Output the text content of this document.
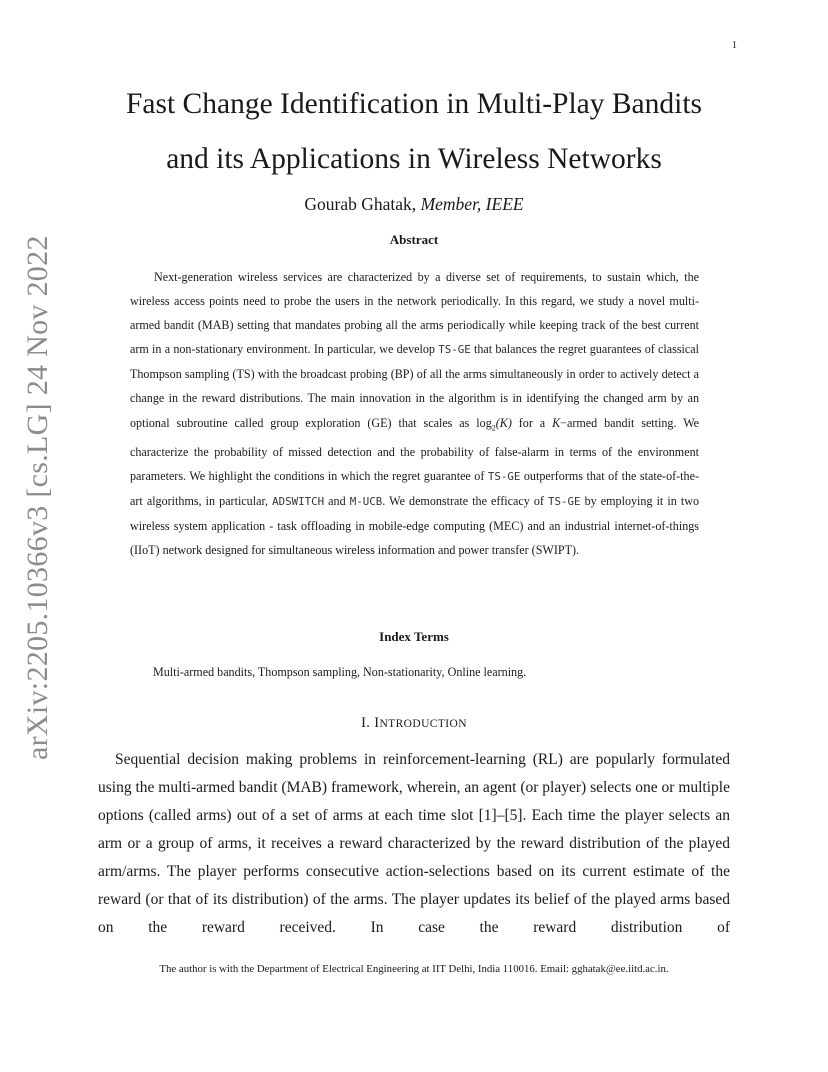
1
arXiv:2205.10366v3 [cs.LG] 24 Nov 2022
Fast Change Identification in Multi-Play Bandits
and its Applications in Wireless Networks
Gourab Ghatak, Member, IEEE
Abstract
Next-generation wireless services are characterized by a diverse set of requirements, to sustain which, the wireless access points need to probe the users in the network periodically. In this regard, we study a novel multi-armed bandit (MAB) setting that mandates probing all the arms periodically while keeping track of the best current arm in a non-stationary environment. In particular, we develop TS-GE that balances the regret guarantees of classical Thompson sampling (TS) with the broadcast probing (BP) of all the arms simultaneously in order to actively detect a change in the reward distributions. The main innovation in the algorithm is in identifying the changed arm by an optional subroutine called group exploration (GE) that scales as $\log_2(K)$ for a K−armed bandit setting. We characterize the probability of missed detection and the probability of false-alarm in terms of the environment parameters. We highlight the conditions in which the regret guarantee of TS-GE outperforms that of the state-of-the-art algorithms, in particular, ADSWITCH and M-UCB. We demonstrate the efficacy of TS-GE by employing it in two wireless system application - task offloading in mobile-edge computing (MEC) and an industrial internet-of-things (IIoT) network designed for simultaneous wireless information and power transfer (SWIPT).
Index Terms
Multi-armed bandits, Thompson sampling, Non-stationarity, Online learning.
I. INTRODUCTION
Sequential decision making problems in reinforcement-learning (RL) are popularly formulated using the multi-armed bandit (MAB) framework, wherein, an agent (or player) selects one or multiple options (called arms) out of a set of arms at each time slot [1]–[5]. Each time the player selects an arm or a group of arms, it receives a reward characterized by the reward distribution of the played arm/arms. The player performs consecutive action-selections based on its current estimate of the reward (or that of its distribution) of the arms. The player updates its belief of the played arms based on the reward received. In case the reward distribution of
The author is with the Department of Electrical Engineering at IIT Delhi, India 110016. Email: gghatak@ee.iitd.ac.in.
